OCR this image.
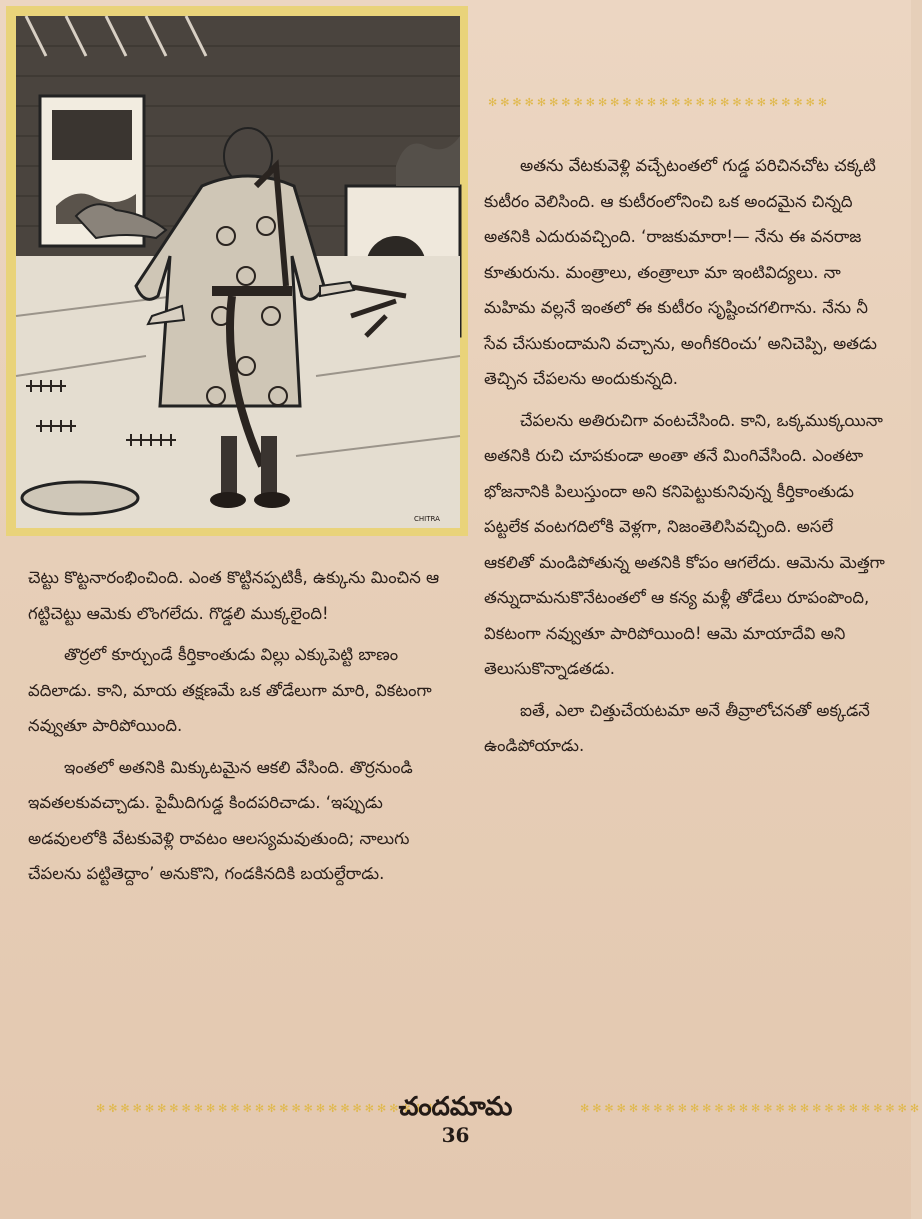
CHITRA
✻✻✻✻✻✻✻✻✻✻✻✻✻✻✻✻✻✻✻✻✻✻✻✻✻✻✻✻

అతను వేటకువెళ్లి వచ్చేటంతలో గుడ్డ పరిచినచోట చక్కటి కుటీరం వెలిసింది. ఆ కుటీరంలోనించి ఒక అందమైన చిన్నది అతనికి ఎదురువచ్చింది. ‘రాజకుమారా!— నేను ఈ వనరాజ కూతురును. మంత్రాలు, తంత్రాలూ మా ఇంటివిద్యలు. నా మహిమ వల్లనే ఇంతలో ఈ కుటీరం సృష్టించగలిగాను. నేను నీ సేవ చేసుకుందామని వచ్చాను, అంగీకరించు’ అనిచెప్పి, అతడు తెచ్చిన చేపలను అందుకున్నది.

చేపలను అతిరుచిగా వంటచేసింది. కాని, ఒక్కముక్కయినా అతనికి రుచి చూపకుండా అంతా తనే మింగివేసింది. ఎంతటా భోజనానికి పిలుస్తుందా అని కనిపెట్టుకునివున్న కీర్తికాంతుడు పట్టలేక వంటగదిలోకి వెళ్లగా, నిజంతెలిసివచ్చింది. అసలే ఆకలితో మండిపోతున్న అతనికి కోపం ఆగలేదు. ఆమెను మెత్తగా తన్నుదామనుకొనేటంతలో ఆ కన్య మళ్లీ తోడేలు రూపంపొంది, వికటంగా నవ్వుతూ పారిపోయింది! ఆమె మాయాదేవి అని తెలుసుకొన్నాడతడు.

ఐతే, ఎలా చిత్తుచేయటమా అనే తీవ్రాలోచనతో అక్కడనే ఉండిపోయాడు.

చెట్టు కొట్టనారంభించింది. ఎంత కొట్టినప్పటికీ, ఉక్కును మించిన ఆ గట్టిచెట్టు ఆమెకు లొంగలేదు. గొడ్డలి ముక్కలైంది!

తొర్రలో కూర్చుండే కీర్తికాంతుడు విల్లు ఎక్కుపెట్టి బాణం వదిలాడు. కాని, మాయ తక్షణమే ఒక తోడేలుగా మారి, వికటంగా నవ్వుతూ పారిపోయింది.

ఇంతలో అతనికి మిక్కుటమైన ఆకలి వేసింది. తొర్రనుండి ఇవతలకువచ్చాడు. పైమీదిగుడ్డ కిందపరిచాడు. ‘ఇప్పుడు అడవులలోకి వేటకువెళ్లి రావటం ఆలస్యమవుతుంది; నాలుగు చేపలను పట్టితెద్దాం’ అనుకొని, గండకినదికి బయల్దేరాడు.

✻✻✻✻✻✻✻✻✻✻✻✻✻✻✻✻✻✻✻✻✻✻✻✻✻✻✻✻	✻✻✻✻✻✻✻✻✻✻✻✻✻✻✻✻✻✻✻✻✻✻✻✻✻✻✻✻
చందమామ
36
